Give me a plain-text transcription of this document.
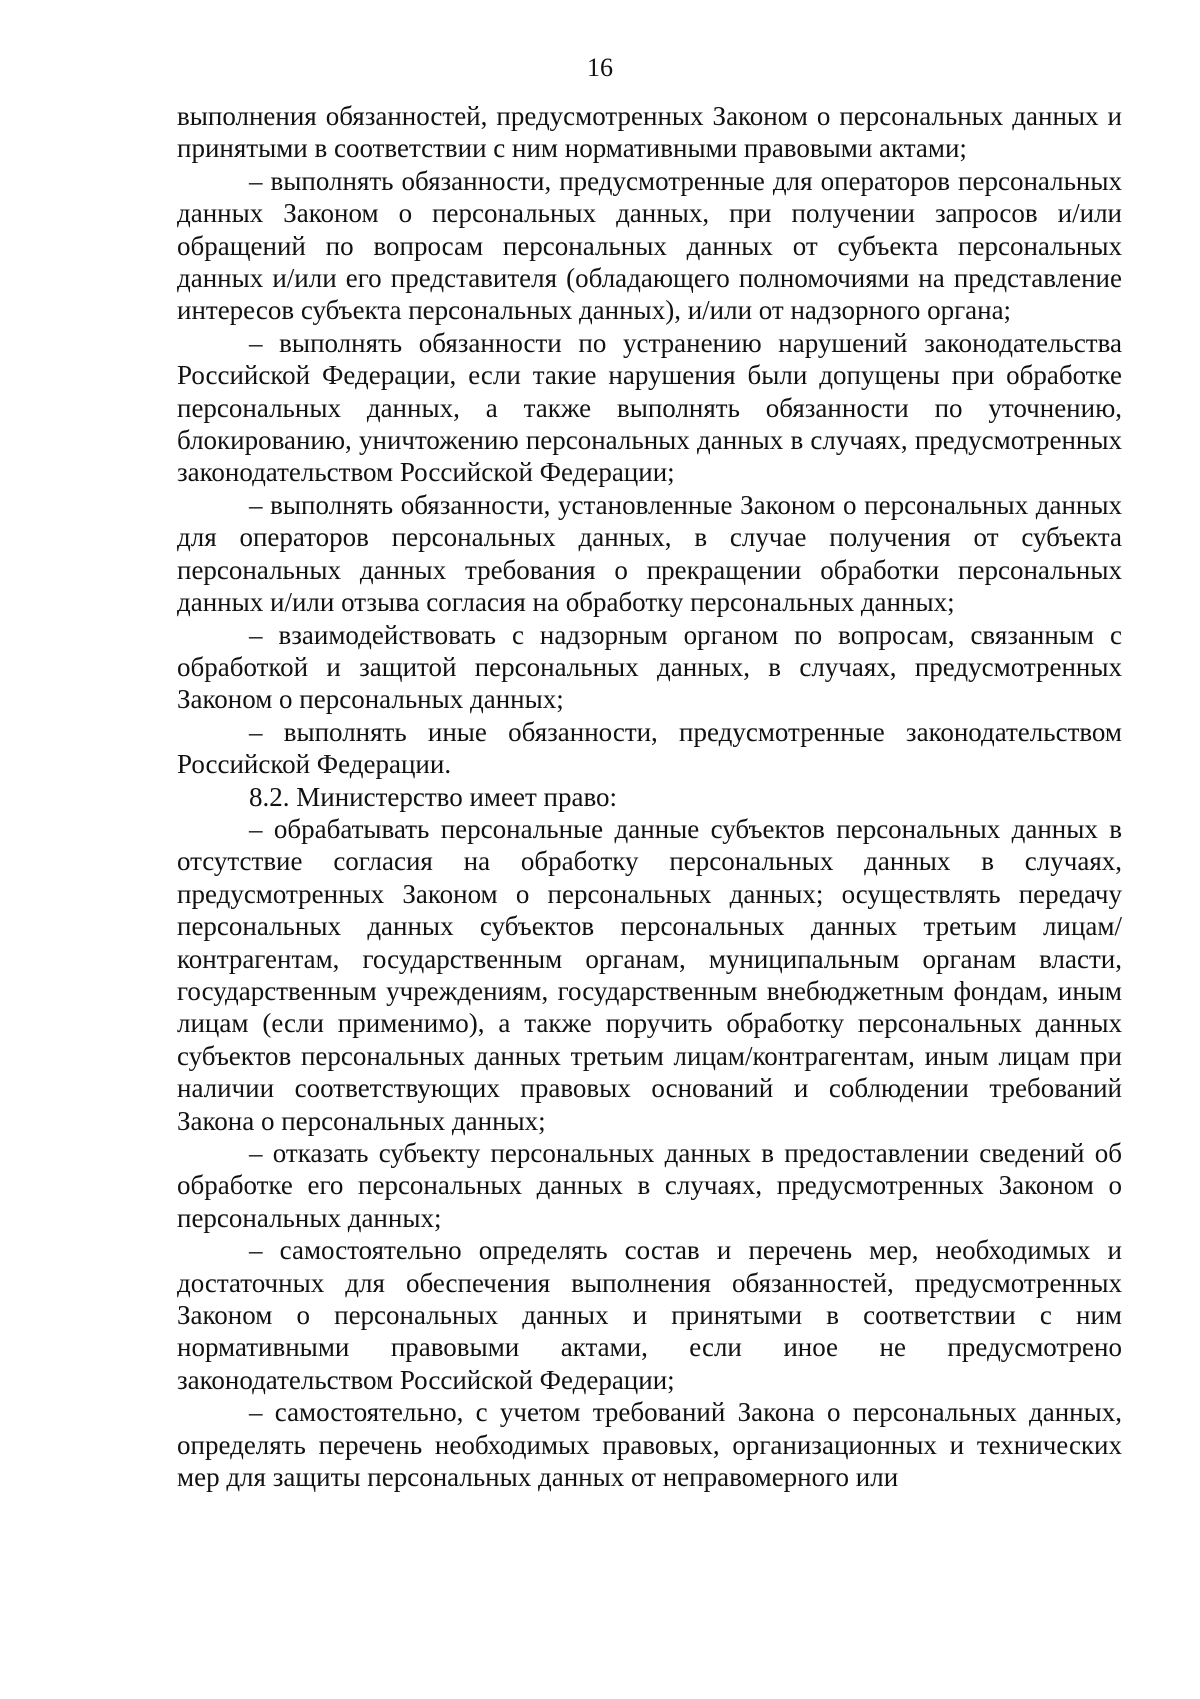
16

выполнения обязанностей, предусмотренных Законом о персональных данных и принятыми в соответствии с ним нормативными правовыми актами;

– выполнять обязанности, предусмотренные для операторов персональных данных Законом о персональных данных, при получении запросов и/или обращений по вопросам персональных данных от субъекта персональных данных и/или его представителя (обладающего полномочиями на представление интересов субъекта персональных данных), и/или от надзорного органа;

– выполнять обязанности по устранению нарушений законодательства Российской Федерации, если такие нарушения были допущены при обработке персональных данных, а также выполнять обязанности по уточнению, блокированию, уничтожению персональных данных в случаях, предусмотренных законодательством Российской Федерации;

– выполнять обязанности, установленные Законом о персональных данных для операторов персональных данных, в случае получения от субъекта персональных данных требования о прекращении обработки персональных данных и/или отзыва согласия на обработку персональных данных;

– взаимодействовать с надзорным органом по вопросам, связанным с обработкой и защитой персональных данных, в случаях, предусмотренных Законом о персональных данных;

– выполнять иные обязанности, предусмотренные законодательством Российской Федерации.

8.2. Министерство имеет право:

– обрабатывать персональные данные субъектов персональных данных в отсутствие согласия на обработку персональных данных в случаях, предусмотренных Законом о персональных данных; осуществлять передачу персональных данных субъектов персональных данных третьим лицам/контрагентам, государственным органам, муниципальным органам власти, государственным учреждениям, государственным внебюджетным фондам, иным лицам (если применимо), а также поручить обработку персональных данных субъектов персональных данных третьим лицам/контрагентам, иным лицам при наличии соответствующих правовых оснований и соблюдении требований Закона о персональных данных;

– отказать субъекту персональных данных в предоставлении сведений об обработке его персональных данных в случаях, предусмотренных Законом о персональных данных;

– самостоятельно определять состав и перечень мер, необходимых и достаточных для обеспечения выполнения обязанностей, предусмотренных Законом о персональных данных и принятыми в соответствии с ним нормативными правовыми актами, если иное не предусмотрено законодательством Российской Федерации;

– самостоятельно, с учетом требований Закона о персональных данных, определять перечень необходимых правовых, организационных и технических мер для защиты персональных данных от неправомерного или
